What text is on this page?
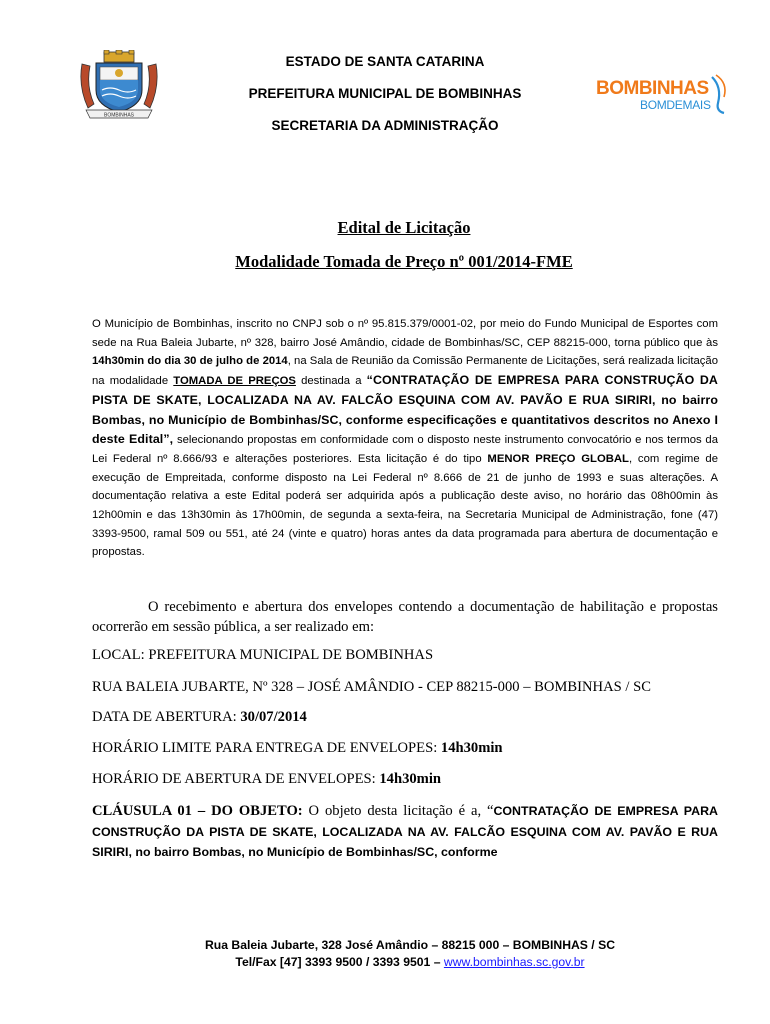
BOMBINHAS
BOMBINHAS
BOMDEMAIS
ESTADO DE SANTA CATARINA
PREFEITURA MUNICIPAL DE BOMBINHAS
SECRETARIA DA ADMINISTRAÇÃO
Edital de Licitação
Modalidade Tomada de Preço nº 001/2014-FME
O Município de Bombinhas, inscrito no CNPJ sob o nº 95.815.379/0001-02, por meio do Fundo Municipal de Esportes com sede na Rua Baleia Jubarte, nº 328, bairro José Amândio, cidade de Bombinhas/SC, CEP 88215-000, torna público que às 14h30min do dia 30 de julho de 2014, na Sala de Reunião da Comissão Permanente de Licitações, será realizada licitação na modalidade TOMADA DE PREÇOS destinada a “CONTRATAÇÃO DE EMPRESA PARA CONSTRUÇÃO DA PISTA DE SKATE, LOCALIZADA NA AV. FALCÃO ESQUINA COM AV. PAVÃO E RUA SIRIRI, no bairro Bombas, no Município de Bombinhas/SC, conforme especificações e quantitativos descritos no Anexo I deste Edital”, selecionando propostas em conformidade com o disposto neste instrumento convocatório e nos termos da Lei Federal nº 8.666/93 e alterações posteriores. Esta licitação é do tipo MENOR PREÇO GLOBAL, com regime de execução de Empreitada, conforme disposto na Lei Federal nº 8.666 de 21 de junho de 1993 e suas alterações. A documentação relativa a este Edital poderá ser adquirida após a publicação deste aviso, no horário das 08h00min às 12h00min e das 13h30min às 17h00min, de segunda a sexta-feira, na Secretaria Municipal de Administração, fone (47) 3393-9500, ramal 509 ou 551, até 24 (vinte e quatro) horas antes da data programada para abertura de documentação e propostas.
O recebimento e abertura dos envelopes contendo a documentação de habilitação e propostas ocorrerão em sessão pública, a ser realizado em:
LOCAL: PREFEITURA MUNICIPAL DE BOMBINHAS
RUA BALEIA JUBARTE, Nº 328 – JOSÉ AMÂNDIO - CEP 88215-000 – BOMBINHAS / SC
DATA DE ABERTURA: 30/07/2014
HORÁRIO LIMITE PARA ENTREGA DE ENVELOPES: 14h30min
HORÁRIO DE ABERTURA DE ENVELOPES: 14h30min
CLÁUSULA 01 – DO OBJETO: O objeto desta licitação é a, “CONTRATAÇÃO DE EMPRESA PARA CONSTRUÇÃO DA PISTA DE SKATE, LOCALIZADA NA AV. FALCÃO ESQUINA COM AV. PAVÃO E RUA SIRIRI, no bairro Bombas, no Município de Bombinhas/SC, conforme
Rua Baleia Jubarte, 328 José Amândio – 88215 000 – BOMBINHAS / SC
Tel/Fax [47] 3393 9500 / 3393 9501 – www.bombinhas.sc.gov.br
